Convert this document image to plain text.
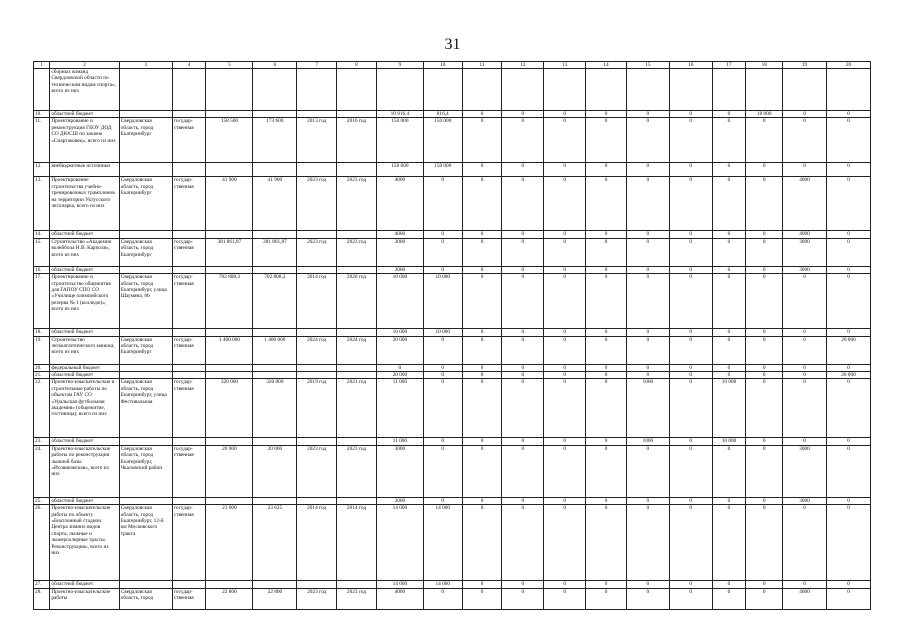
31
1	2	3	4	5	6	7	8	9	10	11	12	13	14	15	16	17	18	19	20
	сборных команд Свердловской области по техническим видам спорта», всего из них																		
10.	областной бюджет							10 816,4	816,4	0	0	0	0	0	0	0	10 000	0	0
11.	Проектирование и реконструкция ГБОУ ДОД СО ДЮСШ по хоккею «Спартаковец», всего из них	Свердловская область, город Екатеринбург	государ-ственная	158 500	173 600	2013 год	2016 год	150 000	150 000	0	0	0	0	0	0	0	0	0	0
12.	внебюджетные источники							150 000	150 000	0	0	0	0	0	0	0	0	0	0
13.	Проектирование строительства учебно-тренировочных трамплинов на территории Уктусского лесопарка, всего из них	Свердловская область, город Екатеринбург	государ-ственная	41 900	41 900	2023 год	2023 год	4000	0	0	0	0	0	0	0	0	0	4000	0
14.	областной бюджет							4000	0	0	0	0	0	0	0	0	0	4000	0
15.	Строительство «Академии волейбола Н.В. Карполя», всего из них	Свердловская область, город Екатеринбург	государ-ственная	381 861,87	381 861,87	2023 год	2023 год	3000	0	0	0	0	0	0	0	0	0	3000	0
16.	областной бюджет							3000	0	0	0	0	0	0	0	0	0	3000	0
17.	Проектирование и строительство общежития для ГАПОУ СПО СО «Училище олимпийского резерва № 1 (колледж)», всего из них	Свердловская область, город Екатеринбург, улица Шаумяна, 80	государ-ственная	702 808,3	702 808,3	2014 год	2020 год	10 000	10 000	0	0	0	0	0	0	0	0	0	0
18.	областной бюджет							10 000	10 000	0	0	0	0	0	0	0	0	0	0
19.	Строительство легкоатлетического манежа, всего из них	Свердловская область, город Екатеринбург	государ-ственная	1 400 000	1 400 000	2024 год	2024 год	20 000	0	0	0	0	0	0	0	0	0	0	20 000
20.	федеральный бюджет							0	0	0	0	0	0	0	0	0	0	0	0
21.	областной бюджет							20 000	0	0	0	0	0	0	0	0	0	0	20 000
22.	Проектно-изыскательские и строительные работы по объектам ГАУ СО «Уральская футбольная академия» (общежитие, гостиница), всего из них	Свердловская область, город Екатеринбург, улица Фестивальная	государ-ственная	320 000	320 000	2019 год	2021 год	11 000	0	0	0	0	0	1000	0	10 000	0	0	0
23.	областной бюджет							11 000	0	0	0	0	0	1000	0	10 000	0	0	0
24.	Проектно-изыскательские работы по реконструкции лыжной базы «Исовиковская», всего из них	Свердловская область, город Екатеринбург, Чкаловский район	государ-ственная	20 000	20 000	2023 год	2023 год	3000	0	0	0	0	0	0	0	0	0	3000	0
25.	областной бюджет							3000	0	0	0	0	0	0	0	0	0	3000	0
26.	Проектно-изыскательские работы по объекту «Биатлонный стадион Центра зимних видов спорта, лыжные и лыжероллерные трассы. Реконструкция», всего из них	Свердловская область, город Екатеринбург, 12-й км Московского тракта	государ-ственная	21 000	23 625	2014 год	2014 год	14 000	14 000	0	0	0	0	0	0	0	0	0	0
27.	областной бюджет							14 000	14 000	0	0	0	0	0	0	0	0	0	0
28.	Проектно-изыскательские работы	Свердловская область, город	государ-ственная	22 800	22 800	2023 год	2023 год	4000	0	0	0	0	0	0	0	0	0	4000	0
